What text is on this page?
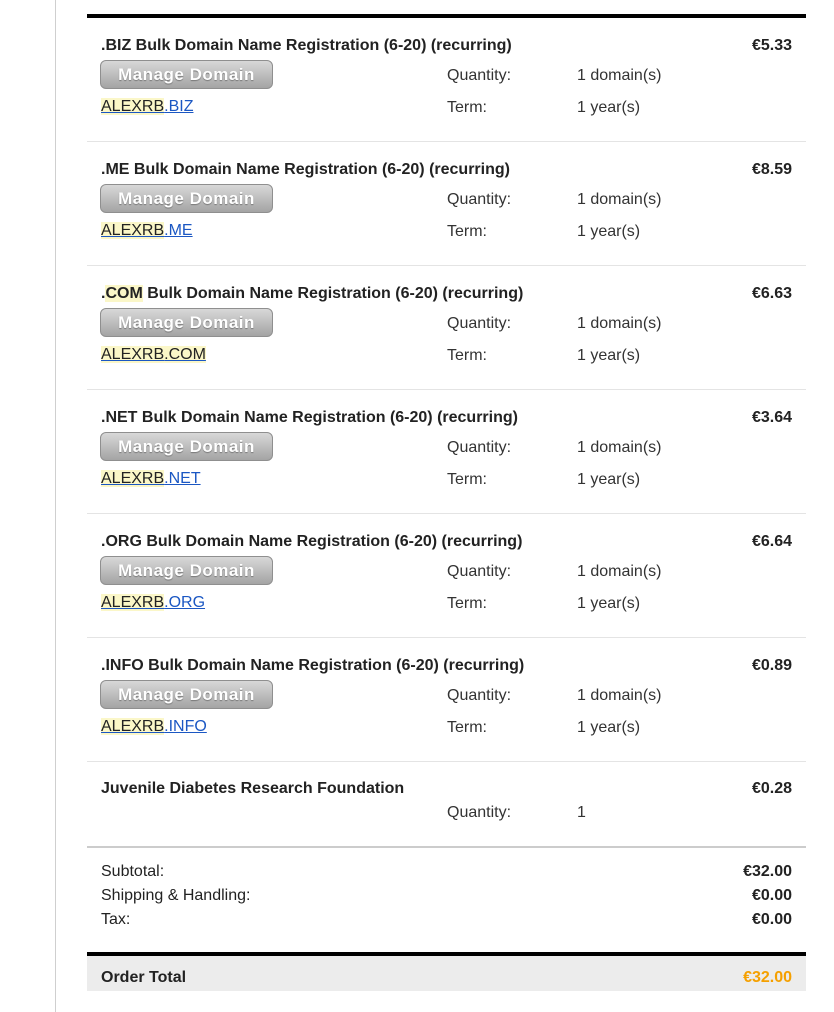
.BIZ Bulk Domain Name Registration (6-20) (recurring)	€5.33
Manage Domain
ALEXRB.BIZ
Quantity:	1 domain(s)
Term:	1 year(s)
.ME Bulk Domain Name Registration (6-20) (recurring)	€8.59
Manage Domain
ALEXRB.ME
Quantity:	1 domain(s)
Term:	1 year(s)
.COM Bulk Domain Name Registration (6-20) (recurring)	€6.63
Manage Domain
ALEXRB.COM
Quantity:	1 domain(s)
Term:	1 year(s)
.NET Bulk Domain Name Registration (6-20) (recurring)	€3.64
Manage Domain
ALEXRB.NET
Quantity:	1 domain(s)
Term:	1 year(s)
.ORG Bulk Domain Name Registration (6-20) (recurring)	€6.64
Manage Domain
ALEXRB.ORG
Quantity:	1 domain(s)
Term:	1 year(s)
.INFO Bulk Domain Name Registration (6-20) (recurring)	€0.89
Manage Domain
ALEXRB.INFO
Quantity:	1 domain(s)
Term:	1 year(s)
Juvenile Diabetes Research Foundation	€0.28
Quantity:	1
Subtotal:	€32.00
Shipping & Handling:	€0.00
Tax:	€0.00
Order Total	€32.00
